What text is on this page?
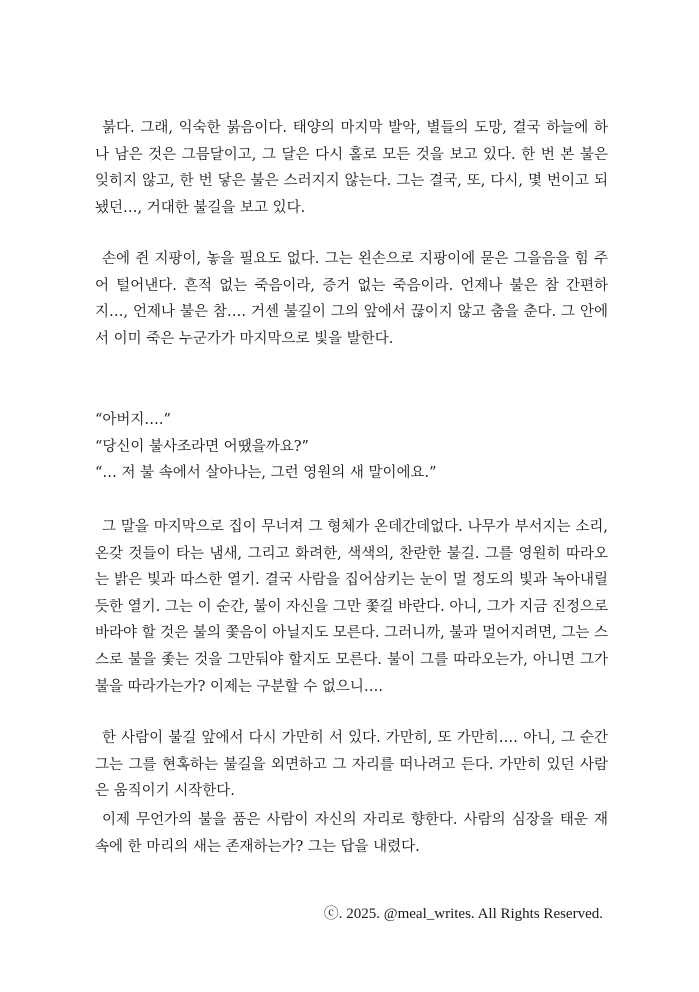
붉다. 그래, 익숙한 붉음이다. 태양의 마지막 발악, 별들의 도망, 결국 하늘에 하나 남은 것은 그믐달이고, 그 달은 다시 홀로 모든 것을 보고 있다. 한 번 본 불은 잊히지 않고, 한 번 닿은 불은 스러지지 않는다. 그는 결국, 또, 다시, 몇 번이고 되뇄던…, 거대한 불길을 보고 있다.

손에 쥔 지팡이, 놓을 필요도 없다. 그는 왼손으로 지팡이에 묻은 그을음을 힘 주어 털어낸다. 흔적 없는 죽음이라, 증거 없는 죽음이라. 언제나 불은 참 간편하지…, 언제나 불은 참…. 거센 불길이 그의 앞에서 끊이지 않고 춤을 춘다. 그 안에서 이미 죽은 누군가가 마지막으로 빛을 발한다.

“아버지….”
“당신이 불사조라면 어땠을까요?”
“… 저 불 속에서 살아나는, 그런 영원의 새 말이에요.”

그 말을 마지막으로 집이 무너져 그 형체가 온데간데없다. 나무가 부서지는 소리, 온갖 것들이 타는 냄새, 그리고 화려한, 색색의, 찬란한 불길. 그를 영원히 따라오는 밝은 빛과 따스한 열기. 결국 사람을 집어삼키는 눈이 멀 정도의 빛과 녹아내릴 듯한 열기. 그는 이 순간, 불이 자신을 그만 쫓길 바란다. 아니, 그가 지금 진정으로 바라야 할 것은 불의 쫓음이 아닐지도 모른다. 그러니까, 불과 멀어지려면, 그는 스스로 불을 좇는 것을 그만둬야 할지도 모른다. 불이 그를 따라오는가, 아니면 그가 불을 따라가는가? 이제는 구분할 수 없으니….

한 사람이 불길 앞에서 다시 가만히 서 있다. 가만히, 또 가만히…. 아니, 그 순간 그는 그를 현혹하는 불길을 외면하고 그 자리를 떠나려고 든다. 가만히 있던 사람은 움직이기 시작한다.

이제 무언가의 불을 품은 사람이 자신의 자리로 향한다. 사람의 심장을 태운 재 속에 한 마리의 새는 존재하는가? 그는 답을 내렸다.

ⓒ. 2025. @meal_writes. All Rights Reserved.
